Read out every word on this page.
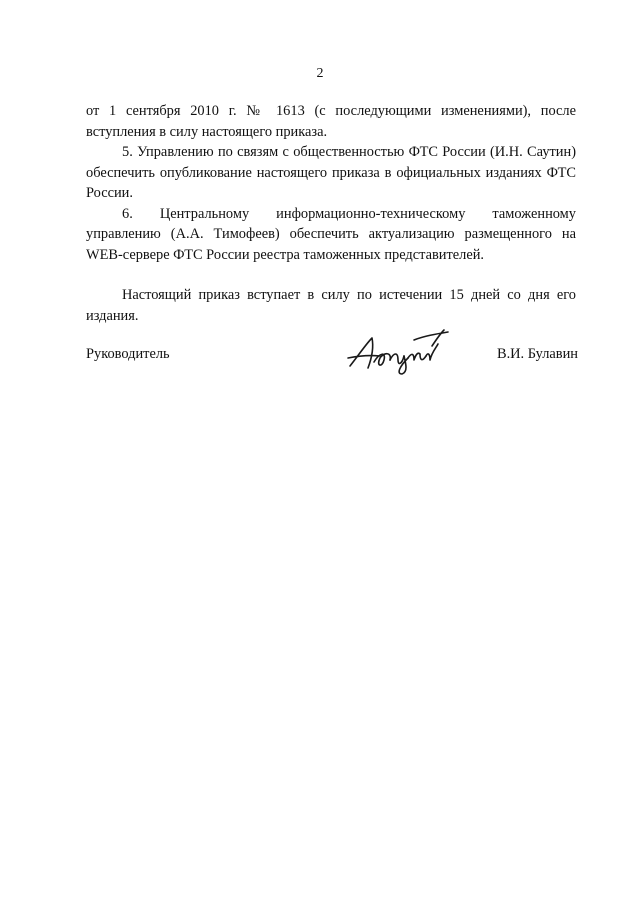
2

от 1 сентября 2010 г. № 1613 (с последующими изменениями), после вступления в силу настоящего приказа.

5. Управлению по связям с общественностью ФТС России (И.Н. Саутин) обеспечить опубликование настоящего приказа в официальных изданиях ФТС России.

6. Центральному информационно-техническому таможенному управлению (А.А. Тимофеев) обеспечить актуализацию размещенного на WEB-сервере ФТС России реестра таможенных представителей.

Настоящий приказ вступает в силу по истечении 15 дней со дня его издания.

Руководитель	В.И. Булавин
